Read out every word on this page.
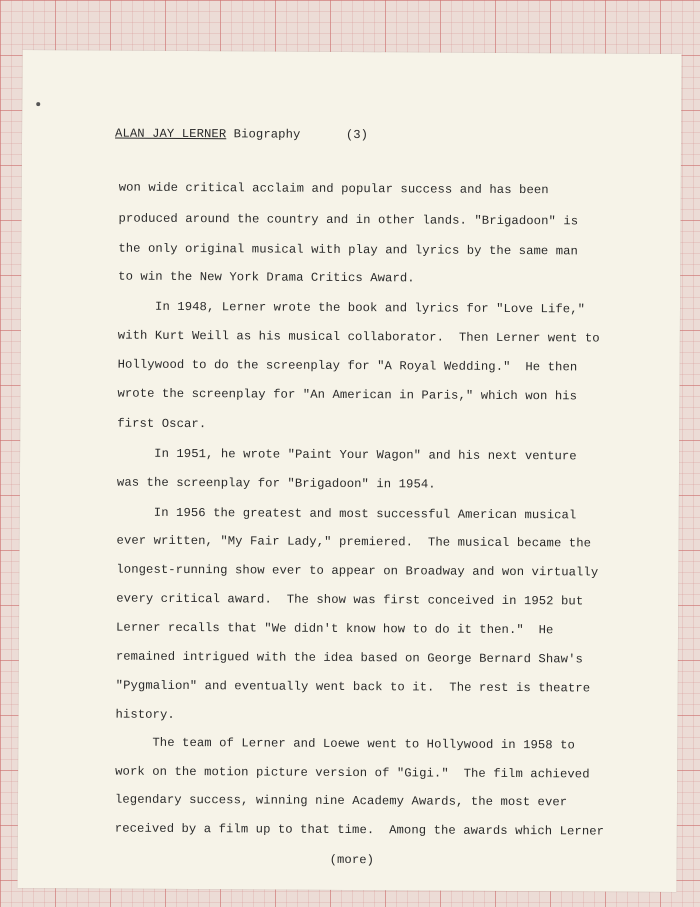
ALAN JAY LERNER Biography	(3)
won wide critical acclaim and popular success and has been
produced around the country and in other lands. "Brigadoon" is
the only original musical with play and lyrics by the same man
to win the New York Drama Critics Award.
In 1948, Lerner wrote the book and lyrics for "Love Life,"
with Kurt Weill as his musical collaborator.  Then Lerner went to
Hollywood to do the screenplay for "A Royal Wedding."  He then
wrote the screenplay for "An American in Paris," which won his
first Oscar.
In 1951, he wrote "Paint Your Wagon" and his next venture
was the screenplay for "Brigadoon" in 1954.
In 1956 the greatest and most successful American musical
ever written, "My Fair Lady," premiered.  The musical became the
longest-running show ever to appear on Broadway and won virtually
every critical award.  The show was first conceived in 1952 but
Lerner recalls that "We didn't know how to do it then."  He
remained intrigued with the idea based on George Bernard Shaw's
"Pygmalion" and eventually went back to it.  The rest is theatre
history.
The team of Lerner and Loewe went to Hollywood in 1958 to
work on the motion picture version of "Gigi."  The film achieved
legendary success, winning nine Academy Awards, the most ever
received by a film up to that time.  Among the awards which Lerner
(more)
